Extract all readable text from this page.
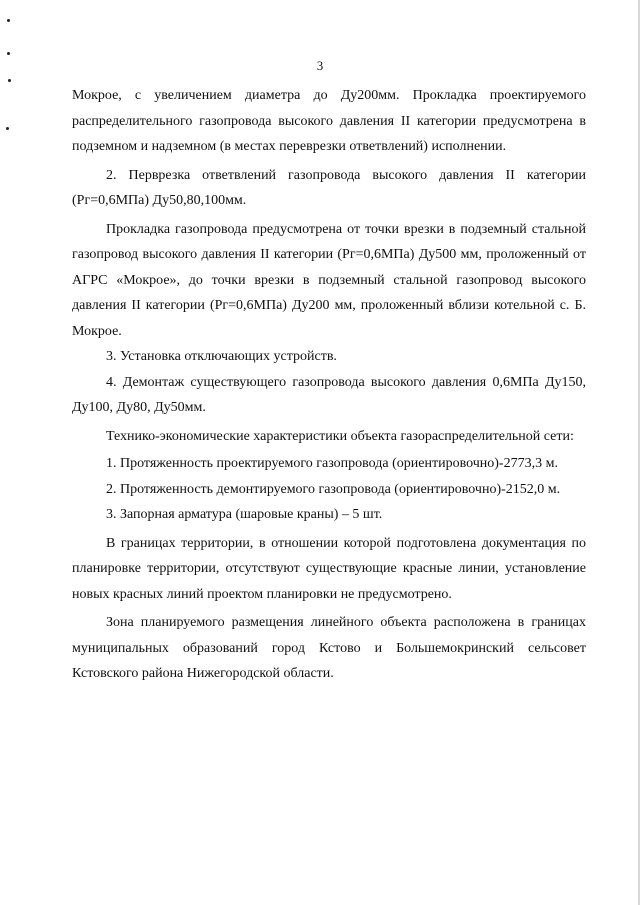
3

Мокрое, с увеличением диаметра до Ду200мм. Прокладка проектируемого распределительного газопровода высокого давления II категории предусмотрена в подземном и надземном (в местах переврезки ответвлений) исполнении.

2. Перврезка ответвлений газопровода высокого давления II категории (Рг=0,6МПа) Ду50,80,100мм.

Прокладка газопровода предусмотрена от точки врезки в подземный стальной газопровод высокого давления II категории (Рг=0,6МПа) Ду500 мм, проложенный от АГРС «Мокрое», до точки врезки в подземный стальной газопровод высокого давления II категории (Рг=0,6МПа) Ду200 мм, проложенный вблизи котельной с. Б. Мокрое.

3. Установка отключающих устройств.

4. Демонтаж существующего газопровода высокого давления 0,6МПа Ду150, Ду100, Ду80, Ду50мм.

Технико-экономические характеристики объекта газораспределительной сети:

1. Протяженность проектируемого газопровода (ориентировочно)-2773,3 м.

2. Протяженность демонтируемого газопровода (ориентировочно)-2152,0 м.

3. Запорная арматура (шаровые краны) – 5 шт.

В границах территории, в отношении которой подготовлена документация по планировке территории, отсутствуют существующие красные линии, установление новых красных линий проектом планировки не предусмотрено.

Зона планируемого размещения линейного объекта расположена в границах муниципальных образований город Кстово и Большемокринский сельсовет Кстовского района Нижегородской области.
